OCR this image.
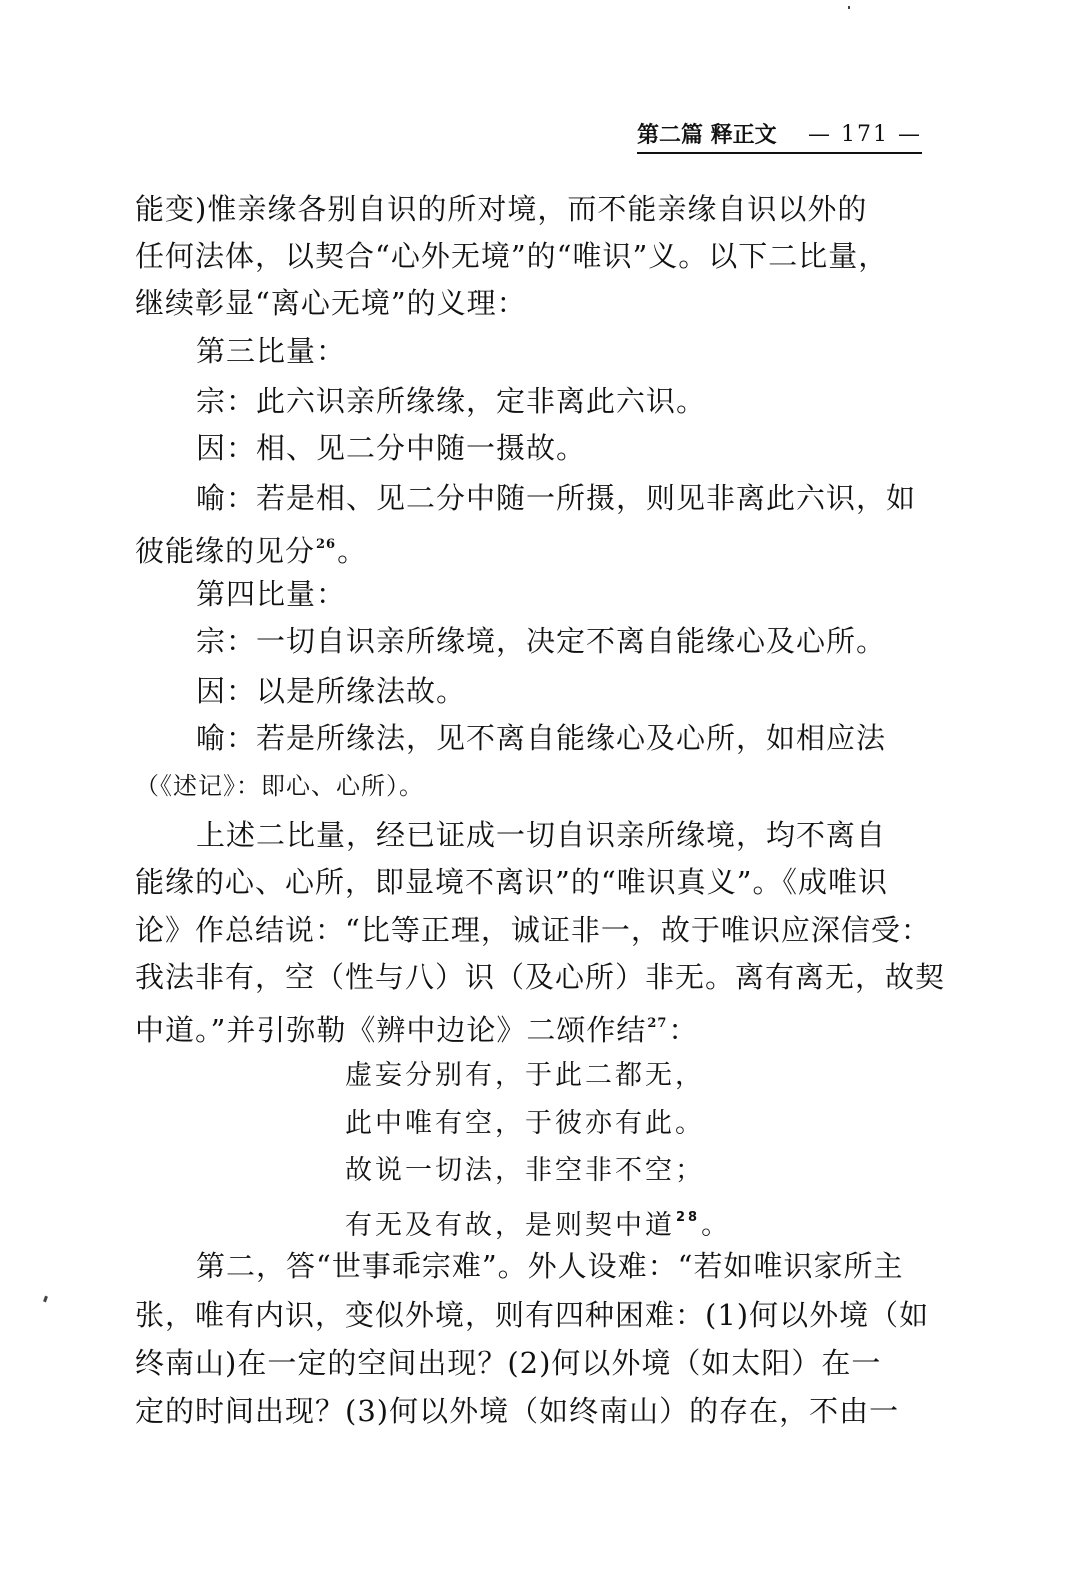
第二篇 释正文 — 171 —
能变)惟亲缘各别自识的所对境，而不能亲缘自识以外的
任何法体，以契合“心外无境”的“唯识”义。以下二比量，
继续彰显“离心无境”的义理：
第三比量：
宗：此六识亲所缘缘，定非离此六识。
因：相、见二分中随一摄故。
喻：若是相、见二分中随一所摄，则见非离此六识，如
彼能缘的见分$^{26}$。
第四比量：
宗：一切自识亲所缘境，决定不离自能缘心及心所。
因：以是所缘法故。
喻：若是所缘法，见不离自能缘心及心所，如相应法
（《述记》：即心、心所）。
上述二比量，经已证成一切自识亲所缘境，均不离自
能缘的心、心所，即显境不离识”的“唯识真义”。《成唯识
论》作总结说：“比等正理，诚证非一，故于唯识应深信受：
我法非有，空（性与八）识（及心所）非无。离有离无，故契
中道。”并引弥勒《辨中边论》二颂作结$^{27}$：
虚妄分别有，于此二都无，
此中唯有空，于彼亦有此。
故说一切法，非空非不空；
有无及有故，是则契中道$^{28}$。
第二，答“世事乖宗难”。外人设难：“若如唯识家所主
张，唯有内识，变似外境，则有四种困难：(1)何以外境（如
终南山)在一定的空间出现？(2)何以外境（如太阳）在一
定的时间出现？(3)何以外境（如终南山）的存在，不由一
